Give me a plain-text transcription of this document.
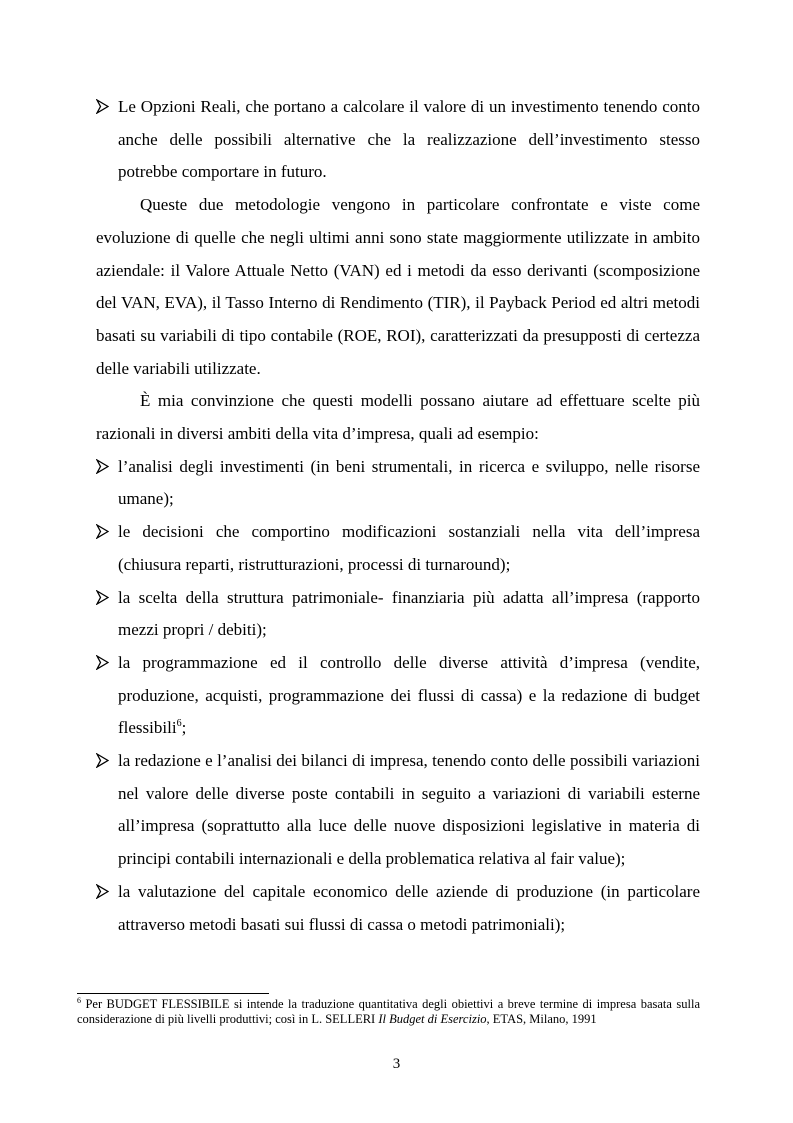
Le Opzioni Reali, che portano a calcolare il valore di un investimento tenendo conto anche delle possibili alternative che la realizzazione dell’investimento stesso potrebbe comportare in futuro.
Queste due metodologie vengono in particolare confrontate e viste come evoluzione di quelle che negli ultimi anni sono state maggiormente utilizzate in ambito aziendale: il Valore Attuale Netto (VAN) ed i metodi da esso derivanti (scomposizione del VAN, EVA), il Tasso Interno di Rendimento (TIR), il Payback Period ed altri metodi basati su variabili di tipo contabile (ROE, ROI), caratterizzati da presupposti di certezza delle variabili utilizzate.
È mia convinzione che questi modelli possano aiutare ad effettuare scelte più razionali in diversi ambiti della vita d’impresa, quali ad esempio:
l’analisi degli investimenti (in beni strumentali, in ricerca e sviluppo, nelle risorse umane);
le decisioni che comportino modificazioni sostanziali nella vita dell’impresa (chiusura reparti, ristrutturazioni, processi di turnaround);
la scelta della struttura patrimoniale- finanziaria più adatta all’impresa (rapporto mezzi propri / debiti);
la programmazione ed il controllo delle diverse attività d’impresa (vendite, produzione, acquisti, programmazione dei flussi di cassa) e la redazione di budget flessibili$^6$;
la redazione e l’analisi dei bilanci di impresa, tenendo conto delle possibili variazioni nel valore delle diverse poste contabili in seguito a variazioni di variabili esterne all’impresa (soprattutto alla luce delle nuove disposizioni legislative in materia di principi contabili internazionali e della problematica relativa al fair value);
la valutazione del capitale economico delle aziende di produzione (in particolare attraverso metodi basati sui flussi di cassa o metodi patrimoniali);
$^6$ Per BUDGET FLESSIBILE si intende la traduzione quantitativa degli obiettivi a breve termine di impresa basata sulla considerazione di più livelli produttivi; così in L. SELLERI Il Budget di Esercizio, ETAS, Milano, 1991
3
